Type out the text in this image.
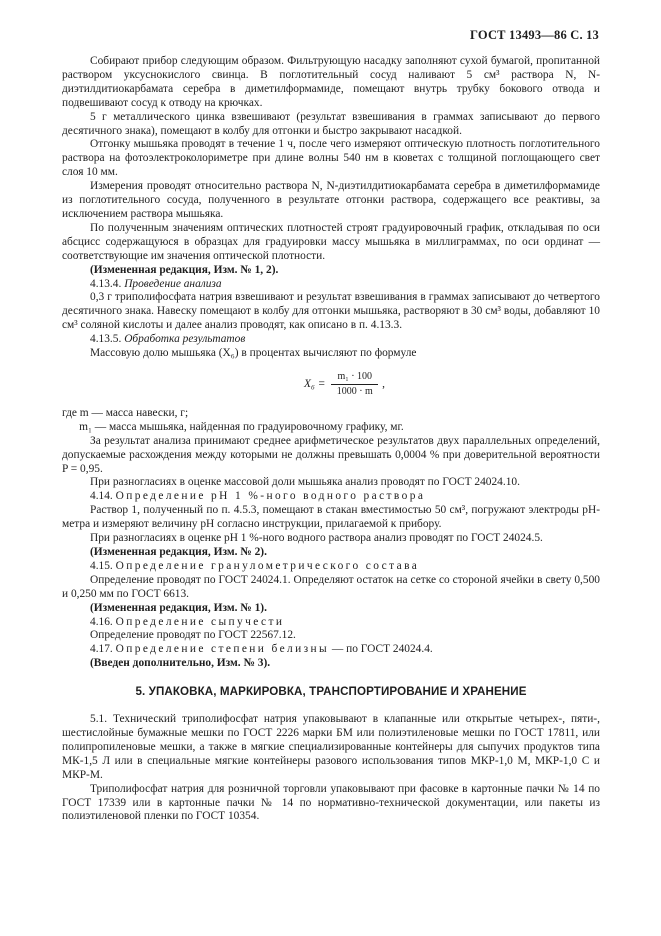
ГОСТ 13493—86 С. 13

Собирают прибор следующим образом. Фильтрующую насадку заполняют сухой бумагой, пропитанной раствором уксуснокислого свинца. В поглотительный сосуд наливают 5 см³ раствора N, N-диэтилдитиокарбамата серебра в диметилформамиде, помещают внутрь трубку бокового отвода и подвешивают сосуд к отводу на крючках.

5 г металлического цинка взвешивают (результат взвешивания в граммах записывают до первого десятичного знака), помещают в колбу для отгонки и быстро закрывают насадкой.

Отгонку мышьяка проводят в течение 1 ч, после чего измеряют оптическую плотность поглотительного раствора на фотоэлектроколориметре при длине волны 540 нм в кюветах с толщиной поглощающего свет слоя 10 мм.

Измерения проводят относительно раствора N, N-диэтилдитиокарбамата серебра в диметилформамиде из поглотительного сосуда, полученного в результате отгонки раствора, содержащего все реактивы, за исключением раствора мышьяка.

По полученным значениям оптических плотностей строят градуировочный график, откладывая по оси абсцисс содержащуюся в образцах для градуировки массу мышьяка в миллиграммах, по оси ординат — соответствующие им значения оптической плотности.

(Измененная редакция, Изм. № 1, 2).

4.13.4. Проведение анализа

0,3 г триполифосфата натрия взвешивают и результат взвешивания в граммах записывают до четвертого десятичного знака. Навеску помещают в колбу для отгонки мышьяка, растворяют в 30 см³ воды, добавляют 10 см³ соляной кислоты и далее анализ проводят, как описано в п. 4.13.3.

4.13.5. Обработка результатов

Массовую долю мышьяка (X₆) в процентах вычисляют по формуле

$X_6 = \frac{\text{m₁ · 100}}{1000 \cdot m}$ ,
где m — масса навески, г;
m₁ — масса мышьяка, найденная по градуировочному графику, мг.

За результат анализа принимают среднее арифметическое результатов двух параллельных определений, допускаемые расхождения между которыми не должны превышать 0,0004 % при доверительной вероятности P = 0,95.

При разногласиях в оценке массовой доли мышьяка анализ проводят по ГОСТ 24024.10.

4.14. Определение рН 1 %-ного водного раствора

Раствор 1, полученный по п. 4.5.3, помещают в стакан вместимостью 50 см³, погружают электроды рН-метра и измеряют величину рН согласно инструкции, прилагаемой к прибору.

При разногласиях в оценке рН 1 %-ного водного раствора анализ проводят по ГОСТ 24024.5.

(Измененная редакция, Изм. № 2).

4.15. Определение гранулометрического состава

Определение проводят по ГОСТ 24024.1. Определяют остаток на сетке со стороной ячейки в свету 0,500 и 0,250 мм по ГОСТ 6613.

(Измененная редакция, Изм. № 1).

4.16. Определение сыпучести

Определение проводят по ГОСТ 22567.12.

4.17. Определение степени белизны — по ГОСТ 24024.4.

(Введен дополнительно, Изм. № 3).

5. УПАКОВКА, МАРКИРОВКА, ТРАНСПОРТИРОВАНИЕ И ХРАНЕНИЕ

5.1. Технический триполифосфат натрия упаковывают в клапанные или открытые четырех-, пяти-, шестислойные бумажные мешки по ГОСТ 2226 марки БМ или полиэтиленовые мешки по ГОСТ 17811, или полипропиленовые мешки, а также в мягкие специализированные контейнеры для сыпучих продуктов типа МК-1,5 Л или в специальные мягкие контейнеры разового использования типов МКР-1,0 М, МКР-1,0 С и МКР-М.

Триполифосфат натрия для розничной торговли упаковывают при фасовке в картонные пачки № 14 по ГОСТ 17339 или в картонные пачки № 14 по нормативно-технической документации, или пакеты из полиэтиленовой пленки по ГОСТ 10354.
